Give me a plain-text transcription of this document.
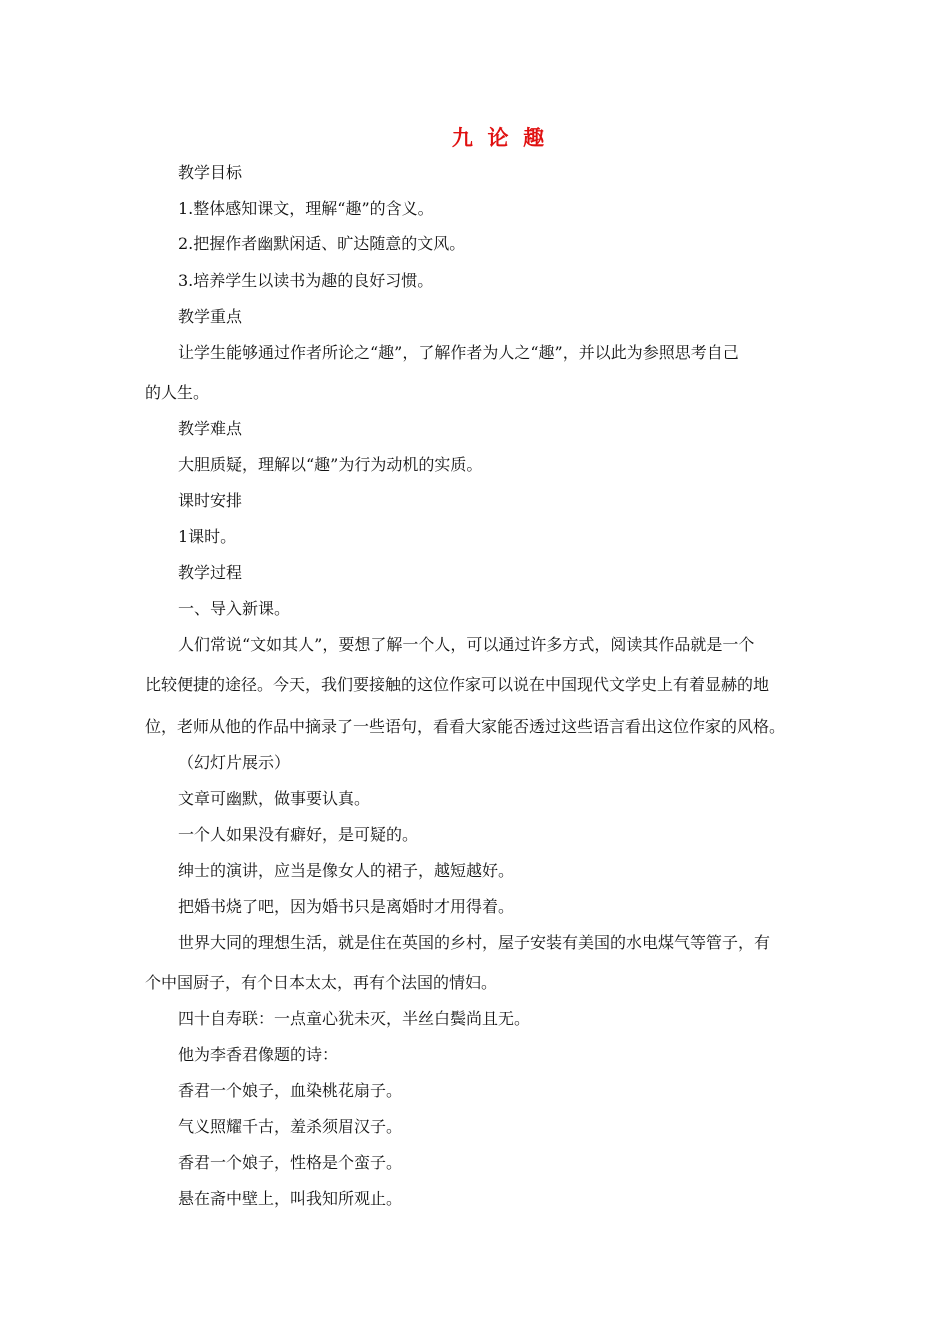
九  论  趣
教学目标
1.整体感知课文，理解“趣”的含义。
2.把握作者幽默闲适、旷达随意的文风。
3.培养学生以读书为趣的良好习惯。
教学重点
让学生能够通过作者所论之“趣”，了解作者为人之“趣”，并以此为参照思考自己
的人生。
教学难点
大胆质疑，理解以“趣”为行为动机的实质。
课时安排
1课时。
教学过程
一、导入新课。
人们常说“文如其人”，要想了解一个人，可以通过许多方式，阅读其作品就是一个
比较便捷的途径。今天，我们要接触的这位作家可以说在中国现代文学史上有着显赫的地
位，老师从他的作品中摘录了一些语句，看看大家能否透过这些语言看出这位作家的风格。
（幻灯片展示）
文章可幽默，做事要认真。
一个人如果没有癖好，是可疑的。
绅士的演讲，应当是像女人的裙子，越短越好。
把婚书烧了吧，因为婚书只是离婚时才用得着。
世界大同的理想生活，就是住在英国的乡村，屋子安装有美国的水电煤气等管子，有
个中国厨子，有个日本太太，再有个法国的情妇。
四十自寿联：一点童心犹未灭，半丝白鬓尚且无。
他为李香君像题的诗：
香君一个娘子，血染桃花扇子。
气义照耀千古，羞杀须眉汉子。
香君一个娘子，性格是个蛮子。
悬在斋中壁上，叫我知所观止。
